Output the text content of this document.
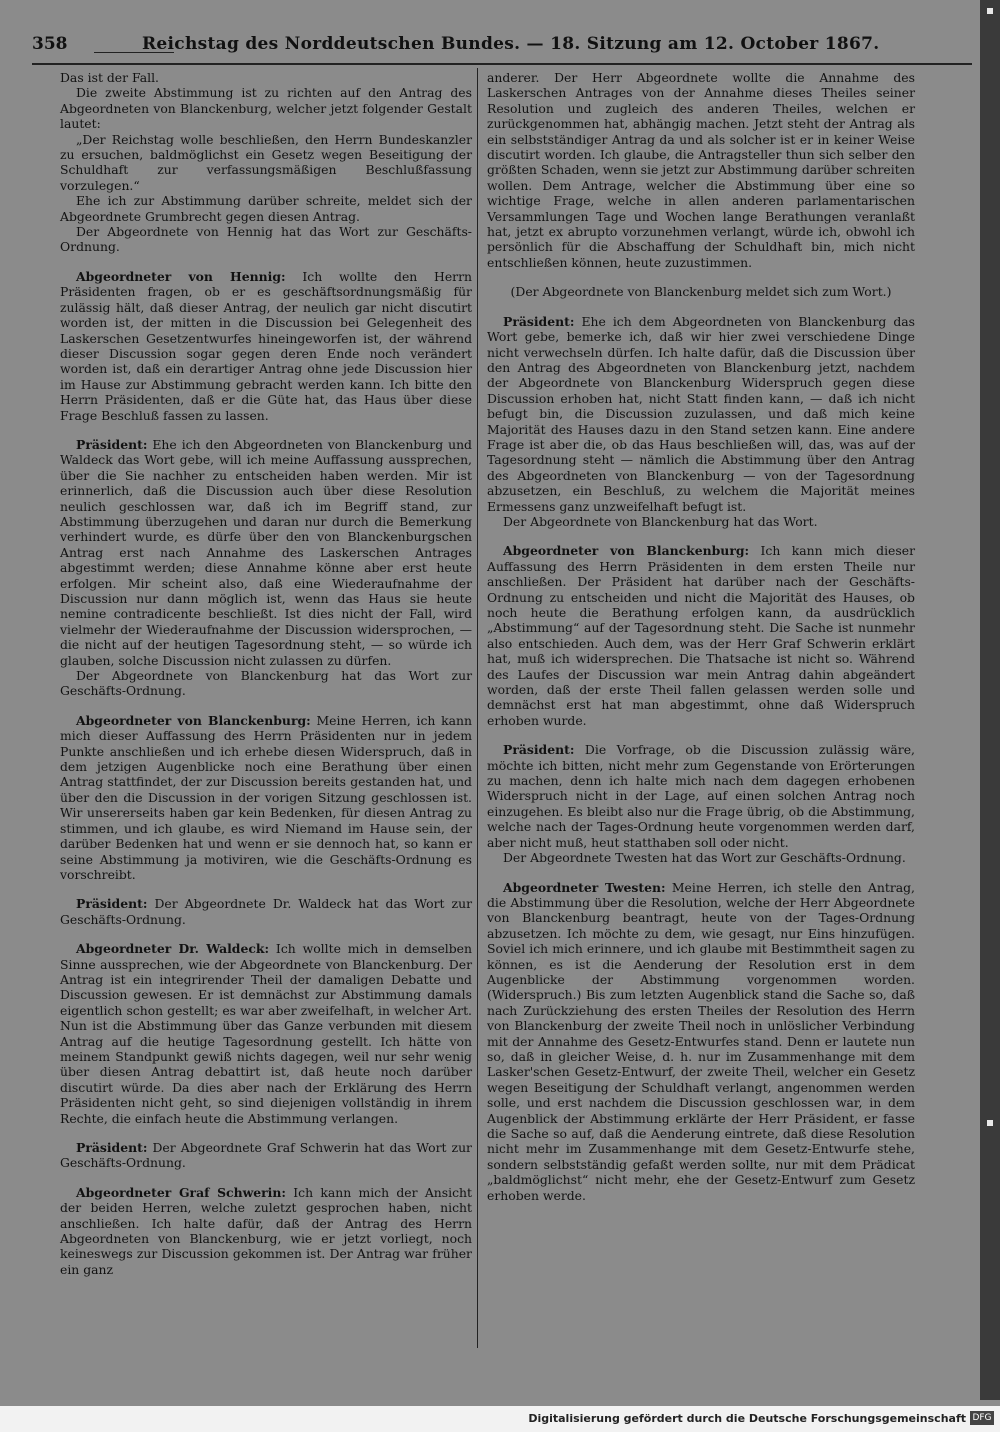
358	Reichstag des Norddeutschen Bundes. — 18. Sitzung am 12. October 1867.

Das ist der Fall.

Die zweite Abstimmung ist zu richten auf den Antrag des Abgeordneten von Blanckenburg, welcher jetzt folgender Gestalt lautet:

„Der Reichstag wolle beschließen, den Herrn Bundeskanzler zu ersuchen, baldmöglichst ein Gesetz wegen Beseitigung der Schuldhaft zur verfassungsmäßigen Beschlußfassung vorzulegen.“

Ehe ich zur Abstimmung darüber schreite, meldet sich der Abgeordnete Grumbrecht gegen diesen Antrag.

Der Abgeordnete von Hennig hat das Wort zur Geschäfts-Ordnung.

Abgeordneter von Hennig: Ich wollte den Herrn Präsidenten fragen, ob er es geschäftsordnungsmäßig für zulässig hält, daß dieser Antrag, der neulich gar nicht discutirt worden ist, der mitten in die Discussion bei Gelegenheit des Laskerschen Gesetzentwurfes hineingeworfen ist, der während dieser Discussion sogar gegen deren Ende noch verändert worden ist, daß ein derartiger Antrag ohne jede Discussion hier im Hause zur Abstimmung gebracht werden kann. Ich bitte den Herrn Präsidenten, daß er die Güte hat, das Haus über diese Frage Beschluß fassen zu lassen.

Präsident: Ehe ich den Abgeordneten von Blanckenburg und Waldeck das Wort gebe, will ich meine Auffassung aussprechen, über die Sie nachher zu entscheiden haben werden. Mir ist erinnerlich, daß die Discussion auch über diese Resolution neulich geschlossen war, daß ich im Begriff stand, zur Abstimmung überzugehen und daran nur durch die Bemerkung verhindert wurde, es dürfe über den von Blanckenburgschen Antrag erst nach Annahme des Laskerschen Antrages abgestimmt werden; diese Annahme könne aber erst heute erfolgen. Mir scheint also, daß eine Wiederaufnahme der Discussion nur dann möglich ist, wenn das Haus sie heute nemine contradicente beschließt. Ist dies nicht der Fall, wird vielmehr der Wiederaufnahme der Discussion widersprochen, — die nicht auf der heutigen Tagesordnung steht, — so würde ich glauben, solche Discussion nicht zulassen zu dürfen.

Der Abgeordnete von Blanckenburg hat das Wort zur Geschäfts-Ordnung.

Abgeordneter von Blanckenburg: Meine Herren, ich kann mich dieser Auffassung des Herrn Präsidenten nur in jedem Punkte anschließen und ich erhebe diesen Widerspruch, daß in dem jetzigen Augenblicke noch eine Berathung über einen Antrag stattfindet, der zur Discussion bereits gestanden hat, und über den die Discussion in der vorigen Sitzung geschlossen ist. Wir unsererseits haben gar kein Bedenken, für diesen Antrag zu stimmen, und ich glaube, es wird Niemand im Hause sein, der darüber Bedenken hat und wenn er sie dennoch hat, so kann er seine Abstimmung ja motiviren, wie die Geschäfts-Ordnung es vorschreibt.

Präsident: Der Abgeordnete Dr. Waldeck hat das Wort zur Geschäfts-Ordnung.

Abgeordneter Dr. Waldeck: Ich wollte mich in demselben Sinne aussprechen, wie der Abgeordnete von Blanckenburg. Der Antrag ist ein integrirender Theil der damaligen Debatte und Discussion gewesen. Er ist demnächst zur Abstimmung damals eigentlich schon gestellt; es war aber zweifelhaft, in welcher Art. Nun ist die Abstimmung über das Ganze verbunden mit diesem Antrag auf die heutige Tagesordnung gestellt. Ich hätte von meinem Standpunkt gewiß nichts dagegen, weil nur sehr wenig über diesen Antrag debattirt ist, daß heute noch darüber discutirt würde. Da dies aber nach der Erklärung des Herrn Präsidenten nicht geht, so sind diejenigen vollständig in ihrem Rechte, die einfach heute die Abstimmung verlangen.

Präsident: Der Abgeordnete Graf Schwerin hat das Wort zur Geschäfts-Ordnung.

Abgeordneter Graf Schwerin: Ich kann mich der Ansicht der beiden Herren, welche zuletzt gesprochen haben, nicht anschließen. Ich halte dafür, daß der Antrag des Herrn Abgeordneten von Blanckenburg, wie er jetzt vorliegt, noch keineswegs zur Discussion gekommen ist. Der Antrag war früher ein ganz

anderer. Der Herr Abgeordnete wollte die Annahme des Laskerschen Antrages von der Annahme dieses Theiles seiner Resolution und zugleich des anderen Theiles, welchen er zurückgenommen hat, abhängig machen. Jetzt steht der Antrag als ein selbstständiger Antrag da und als solcher ist er in keiner Weise discutirt worden. Ich glaube, die Antragsteller thun sich selber den größten Schaden, wenn sie jetzt zur Abstimmung darüber schreiten wollen. Dem Antrage, welcher die Abstimmung über eine so wichtige Frage, welche in allen anderen parlamentarischen Versammlungen Tage und Wochen lange Berathungen veranlaßt hat, jetzt ex abrupto vorzunehmen verlangt, würde ich, obwohl ich persönlich für die Abschaffung der Schuldhaft bin, mich nicht entschließen können, heute zuzustimmen.

(Der Abgeordnete von Blanckenburg meldet sich zum Wort.)

Präsident: Ehe ich dem Abgeordneten von Blanckenburg das Wort gebe, bemerke ich, daß wir hier zwei verschiedene Dinge nicht verwechseln dürfen. Ich halte dafür, daß die Discussion über den Antrag des Abgeordneten von Blanckenburg jetzt, nachdem der Abgeordnete von Blanckenburg Widerspruch gegen diese Discussion erhoben hat, nicht Statt finden kann, — daß ich nicht befugt bin, die Discussion zuzulassen, und daß mich keine Majorität des Hauses dazu in den Stand setzen kann. Eine andere Frage ist aber die, ob das Haus beschließen will, das, was auf der Tagesordnung steht — nämlich die Abstimmung über den Antrag des Abgeordneten von Blanckenburg — von der Tagesordnung abzusetzen, ein Beschluß, zu welchem die Majorität meines Ermessens ganz unzweifelhaft befugt ist.

Der Abgeordnete von Blanckenburg hat das Wort.

Abgeordneter von Blanckenburg: Ich kann mich dieser Auffassung des Herrn Präsidenten in dem ersten Theile nur anschließen. Der Präsident hat darüber nach der Geschäfts-Ordnung zu entscheiden und nicht die Majorität des Hauses, ob noch heute die Berathung erfolgen kann, da ausdrücklich „Abstimmung“ auf der Tagesordnung steht. Die Sache ist nunmehr also entschieden. Auch dem, was der Herr Graf Schwerin erklärt hat, muß ich widersprechen. Die Thatsache ist nicht so. Während des Laufes der Discussion war mein Antrag dahin abgeändert worden, daß der erste Theil fallen gelassen werden solle und demnächst erst hat man abgestimmt, ohne daß Widerspruch erhoben wurde.

Präsident: Die Vorfrage, ob die Discussion zulässig wäre, möchte ich bitten, nicht mehr zum Gegenstande von Erörterungen zu machen, denn ich halte mich nach dem dagegen erhobenen Widerspruch nicht in der Lage, auf einen solchen Antrag noch einzugehen. Es bleibt also nur die Frage übrig, ob die Abstimmung, welche nach der Tages-Ordnung heute vorgenommen werden darf, aber nicht muß, heut statthaben soll oder nicht.

Der Abgeordnete Twesten hat das Wort zur Geschäfts-Ordnung.

Abgeordneter Twesten: Meine Herren, ich stelle den Antrag, die Abstimmung über die Resolution, welche der Herr Abgeordnete von Blanckenburg beantragt, heute von der Tages-Ordnung abzusetzen. Ich möchte zu dem, wie gesagt, nur Eins hinzufügen. Soviel ich mich erinnere, und ich glaube mit Bestimmtheit sagen zu können, es ist die Aenderung der Resolution erst in dem Augenblicke der Abstimmung vorgenommen worden. (Widerspruch.) Bis zum letzten Augenblick stand die Sache so, daß nach Zurückziehung des ersten Theiles der Resolution des Herrn von Blanckenburg der zweite Theil noch in unlöslicher Verbindung mit der Annahme des Gesetz-Entwurfes stand. Denn er lautete nun so, daß in gleicher Weise, d. h. nur im Zusammenhange mit dem Lasker'schen Gesetz-Entwurf, der zweite Theil, welcher ein Gesetz wegen Beseitigung der Schuldhaft verlangt, angenommen werden solle, und erst nachdem die Discussion geschlossen war, in dem Augenblick der Abstimmung erklärte der Herr Präsident, er fasse die Sache so auf, daß die Aenderung eintrete, daß diese Resolution nicht mehr im Zusammenhange mit dem Gesetz-Entwurfe stehe, sondern selbstständig gefaßt werden sollte, nur mit dem Prädicat „baldmöglichst“ nicht mehr, ehe der Gesetz-Entwurf zum Gesetz erhoben werde.

Digitalisierung gefördert durch die Deutsche Forschungsgemeinschaft DFG
